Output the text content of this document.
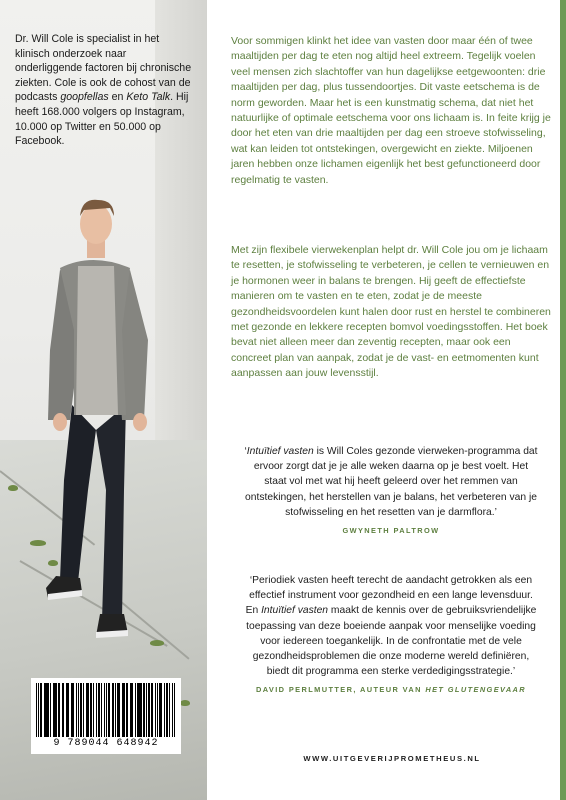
Dr. Will Cole is specialist in het klinisch onderzoek naar onderliggende factoren bij chronische ziekten. Cole is ook de cohost van de podcasts goopfellas en Keto Talk. Hij heeft 168.000 volgers op Instagram, 10.000 op Twitter en 50.000 op Facebook.
9 789044 648942
Voor sommigen klinkt het idee van vasten door maar één of twee maaltijden per dag te eten nog altijd heel extreem. Tegelijk voelen veel mensen zich slachtoffer van hun dagelijkse eetgewoonten: drie maaltijden per dag, plus tussendoortjes. Dit vaste eetschema is de norm geworden. Maar het is een kunstmatig schema, dat niet het natuurlijke of optimale eetschema voor ons lichaam is. In feite krijg je door het eten van drie maaltijden per dag een stroeve stofwisseling, wat kan leiden tot ontstekingen, overgewicht en ziekte. Miljoenen jaren hebben onze lichamen eigenlijk het best gefunctioneerd door regelmatig te vasten.
Met zijn flexibele vierwekenplan helpt dr. Will Cole jou om je lichaam te resetten, je stofwisseling te verbeteren, je cellen te vernieuwen en je hormonen weer in balans te brengen. Hij geeft de effectiefste manieren om te vasten en te eten, zodat je de meeste gezondheidsvoordelen kunt halen door rust en herstel te combineren met gezonde en lekkere recepten bomvol voedingsstoffen. Het boek bevat niet alleen meer dan zeventig recepten, maar ook een concreet plan van aanpak, zodat je de vast- en eetmomenten kunt aanpassen aan jouw levensstijl.
‘Intuïtief vasten is Will Coles gezonde vierweken-programma dat ervoor zorgt dat je je alle weken daarna op je best voelt. Het staat vol met wat hij heeft geleerd over het remmen van ontstekingen, het herstellen van je balans, het verbeteren van je stofwisseling en het resetten van je darmflora.’
GWYNETH PALTROW
‘Periodiek vasten heeft terecht de aandacht getrokken als een effectief instrument voor gezondheid en een lange levensduur. En Intuïtief vasten maakt de kennis over de gebruiksvriendelijke toepassing van deze boeiende aanpak voor menselijke voeding voor iedereen toegankelijk. In de confrontatie met de vele gezondheidsproblemen die onze moderne wereld definiëren, biedt dit programma een sterke verdedigingsstrategie.’
DAVID PERLMUTTER, AUTEUR VAN HET GLUTENGEVAAR
WWW.UITGEVERIJPROMETHEUS.NL
